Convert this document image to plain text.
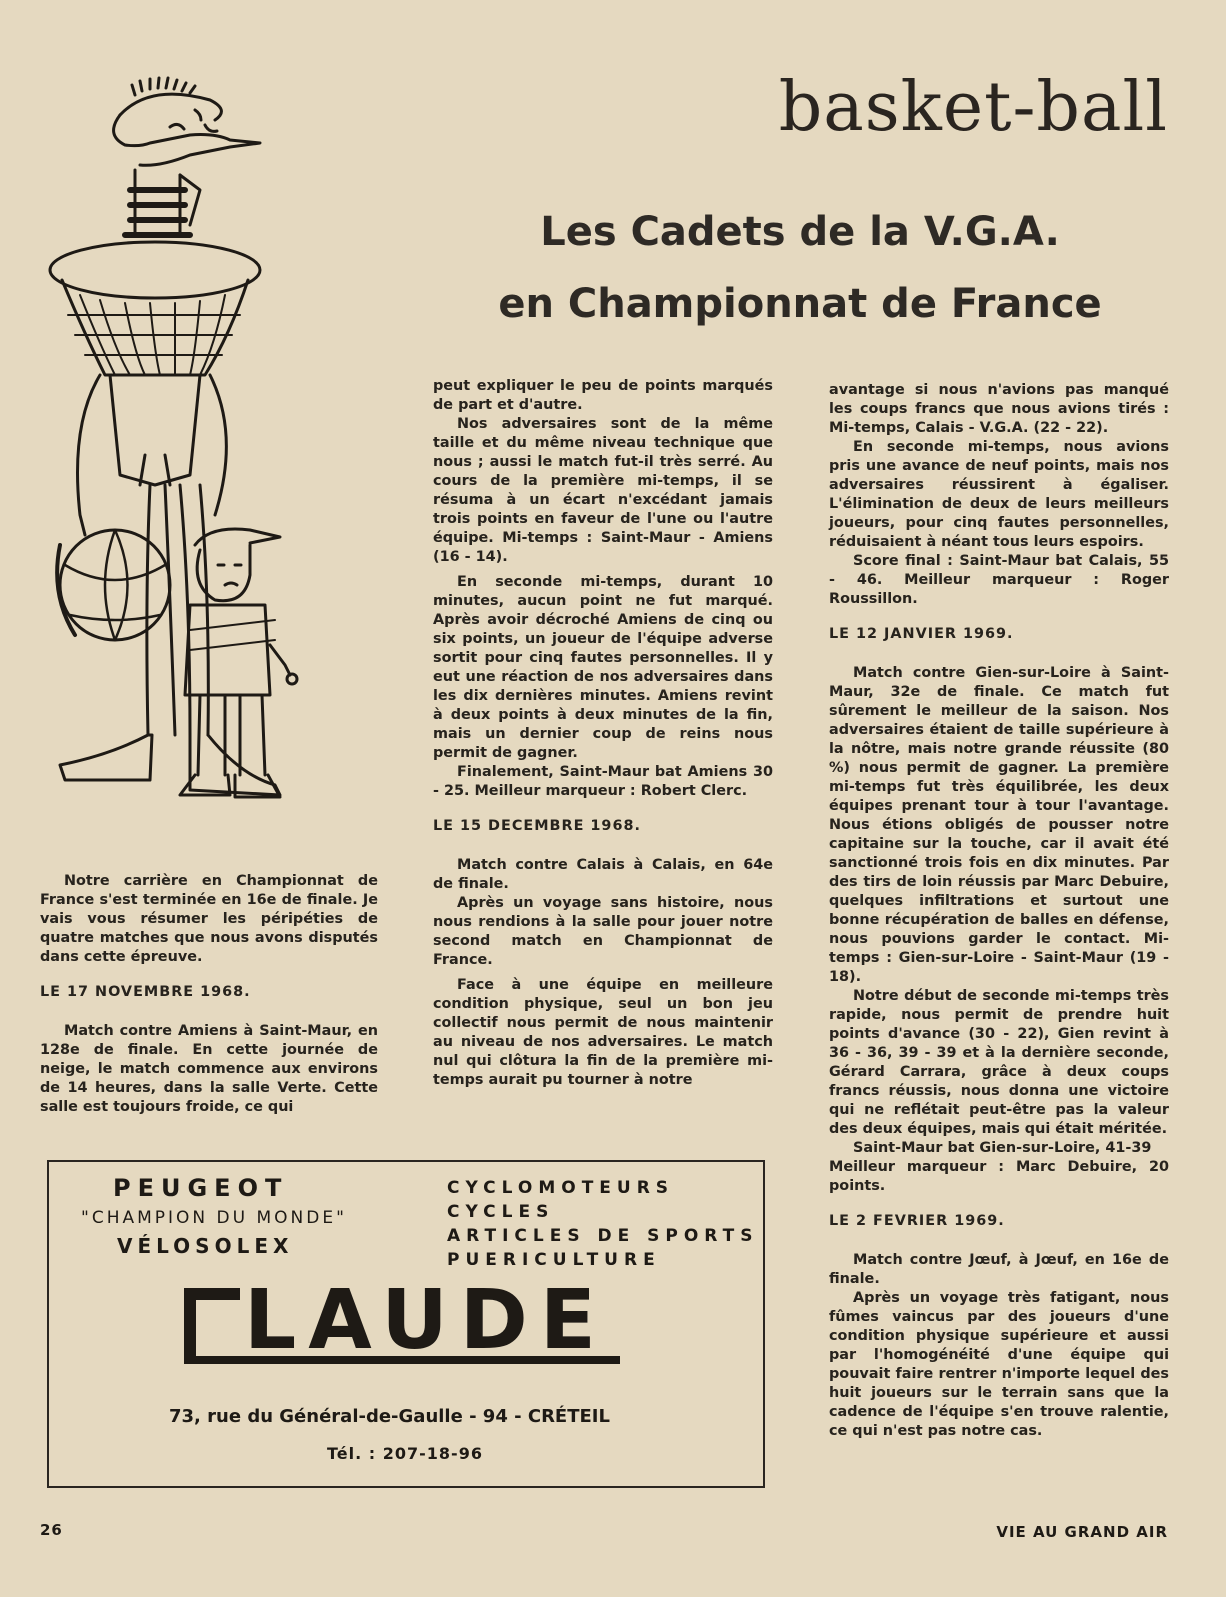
basket-ball
Les Cadets de la V.G.A.
en Championnat de France

Notre carrière en Championnat de France s'est terminée en 16e de finale. Je vais vous résumer les péripéties de quatre matches que nous avons disputés dans cette épreuve.

LE 17 NOVEMBRE 1968.

Match contre Amiens à Saint-Maur, en 128e de finale. En cette journée de neige, le match commence aux environs de 14 heures, dans la salle Verte. Cette salle est toujours froide, ce qui

peut expliquer le peu de points marqués de part et d'autre.

Nos adversaires sont de la même taille et du même niveau technique que nous ; aussi le match fut-il très serré. Au cours de la première mi-temps, il se résuma à un écart n'excédant jamais trois points en faveur de l'une ou l'autre équipe. Mi-temps : Saint-Maur - Amiens (16 - 14).

En seconde mi-temps, durant 10 minutes, aucun point ne fut marqué. Après avoir décroché Amiens de cinq ou six points, un joueur de l'équipe adverse sortit pour cinq fautes personnelles. Il y eut une réaction de nos adversaires dans les dix dernières minutes. Amiens revint à deux points à deux minutes de la fin, mais un dernier coup de reins nous permit de gagner.

Finalement, Saint-Maur bat Amiens 30 - 25. Meilleur marqueur : Robert Clerc.

LE 15 DECEMBRE 1968.

Match contre Calais à Calais, en 64e de finale.

Après un voyage sans histoire, nous nous rendions à la salle pour jouer notre second match en Championnat de France.

Face à une équipe en meilleure condition physique, seul un bon jeu collectif nous permit de nous maintenir au niveau de nos adversaires. Le match nul qui clôtura la fin de la première mi-temps aurait pu tourner à notre

avantage si nous n'avions pas manqué les coups francs que nous avions tirés : Mi-temps, Calais - V.G.A. (22 - 22).

En seconde mi-temps, nous avions pris une avance de neuf points, mais nos adversaires réussirent à égaliser. L'élimination de deux de leurs meilleurs joueurs, pour cinq fautes personnelles, réduisaient à néant tous leurs espoirs.

Score final : Saint-Maur bat Calais, 55 - 46. Meilleur marqueur : Roger Roussillon.

LE 12 JANVIER 1969.

Match contre Gien-sur-Loire à Saint-Maur, 32e de finale. Ce match fut sûrement le meilleur de la saison. Nos adversaires étaient de taille supérieure à la nôtre, mais notre grande réussite (80 %) nous permit de gagner. La première mi-temps fut très équilibrée, les deux équipes prenant tour à tour l'avantage. Nous étions obligés de pousser notre capitaine sur la touche, car il avait été sanctionné trois fois en dix minutes. Par des tirs de loin réussis par Marc Debuire, quelques infiltrations et surtout une bonne récupération de balles en défense, nous pouvions garder le contact. Mi-temps : Gien-sur-Loire - Saint-Maur (19 - 18).

Notre début de seconde mi-temps très rapide, nous permit de prendre huit points d'avance (30 - 22), Gien revint à 36 - 36, 39 - 39 et à la dernière seconde, Gérard Carrara, grâce à deux coups francs réussis, nous donna une victoire qui ne reflétait peut-être pas la valeur des deux équipes, mais qui était méritée.

Saint-Maur bat Gien-sur-Loire, 41-39

Meilleur marqueur : Marc Debuire, 20 points.

LE 2 FEVRIER 1969.

Match contre Jœuf, à Jœuf, en 16e de finale.

Après un voyage très fatigant, nous fûmes vaincus par des joueurs d'une condition physique supérieure et aussi par l'homogénéité d'une équipe qui pouvait faire rentrer n'importe lequel des huit joueurs sur le terrain sans que la cadence de l'équipe s'en trouve ralentie, ce qui n'est pas notre cas.

PEUGEOT
"CHAMPION DU MONDE"
VÉLOSOLEX
CYCLOMOTEURS
CYCLES
ARTICLES DE SPORTS
PUERICULTURE
LAUDE
73, rue du Général-de-Gaulle - 94 - CRÉTEIL
Tél. : 207-18-96
26	VIE AU GRAND AIR
